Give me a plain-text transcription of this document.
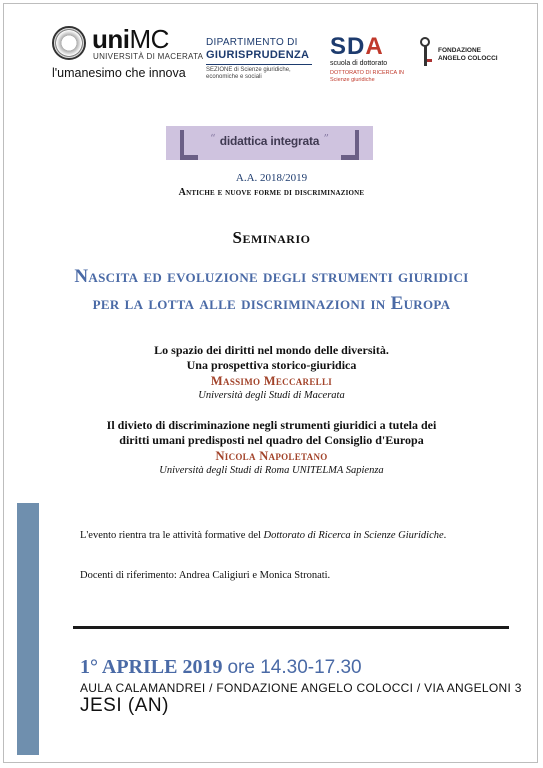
uniMC
UNIVERSITÀ DI MACERATA
l'umanesimo che innova
DIPARTIMENTO DI
GIURISPRUDENZA
SEZIONE di Scienze giuridiche, economiche e sociali
SDA
scuola di dottorato
DOTTORATO DI RICERCA IN Scienze giuridiche
FONDAZIONE
ANGELO COLOCCI
“	”
didattica integrata
A.A. 2018/2019
Antiche e nuove forme di discriminazione
Seminario
Nascita ed evoluzione degli strumenti giuridici
per la lotta alle discriminazioni in Europa
Lo spazio dei diritti nel mondo delle diversità.
Una prospettiva storico-giuridica
Massimo Meccarelli
Università degli Studi di Macerata
Il divieto di discriminazione negli strumenti giuridici a tutela dei
diritti umani predisposti nel quadro del Consiglio d'Europa
Nicola Napoletano
Università degli Studi di Roma UNITELMA Sapienza
L'evento rientra tra le attività formative del Dottorato di Ricerca in Scienze Giuridiche.
Docenti di riferimento: Andrea Caligiuri e Monica Stronati.
1° APRILE 2019 ore 14.30-17.30
AULA CALAMANDREI / FONDAZIONE ANGELO COLOCCI / VIA ANGELONI 3
JESI (AN)
